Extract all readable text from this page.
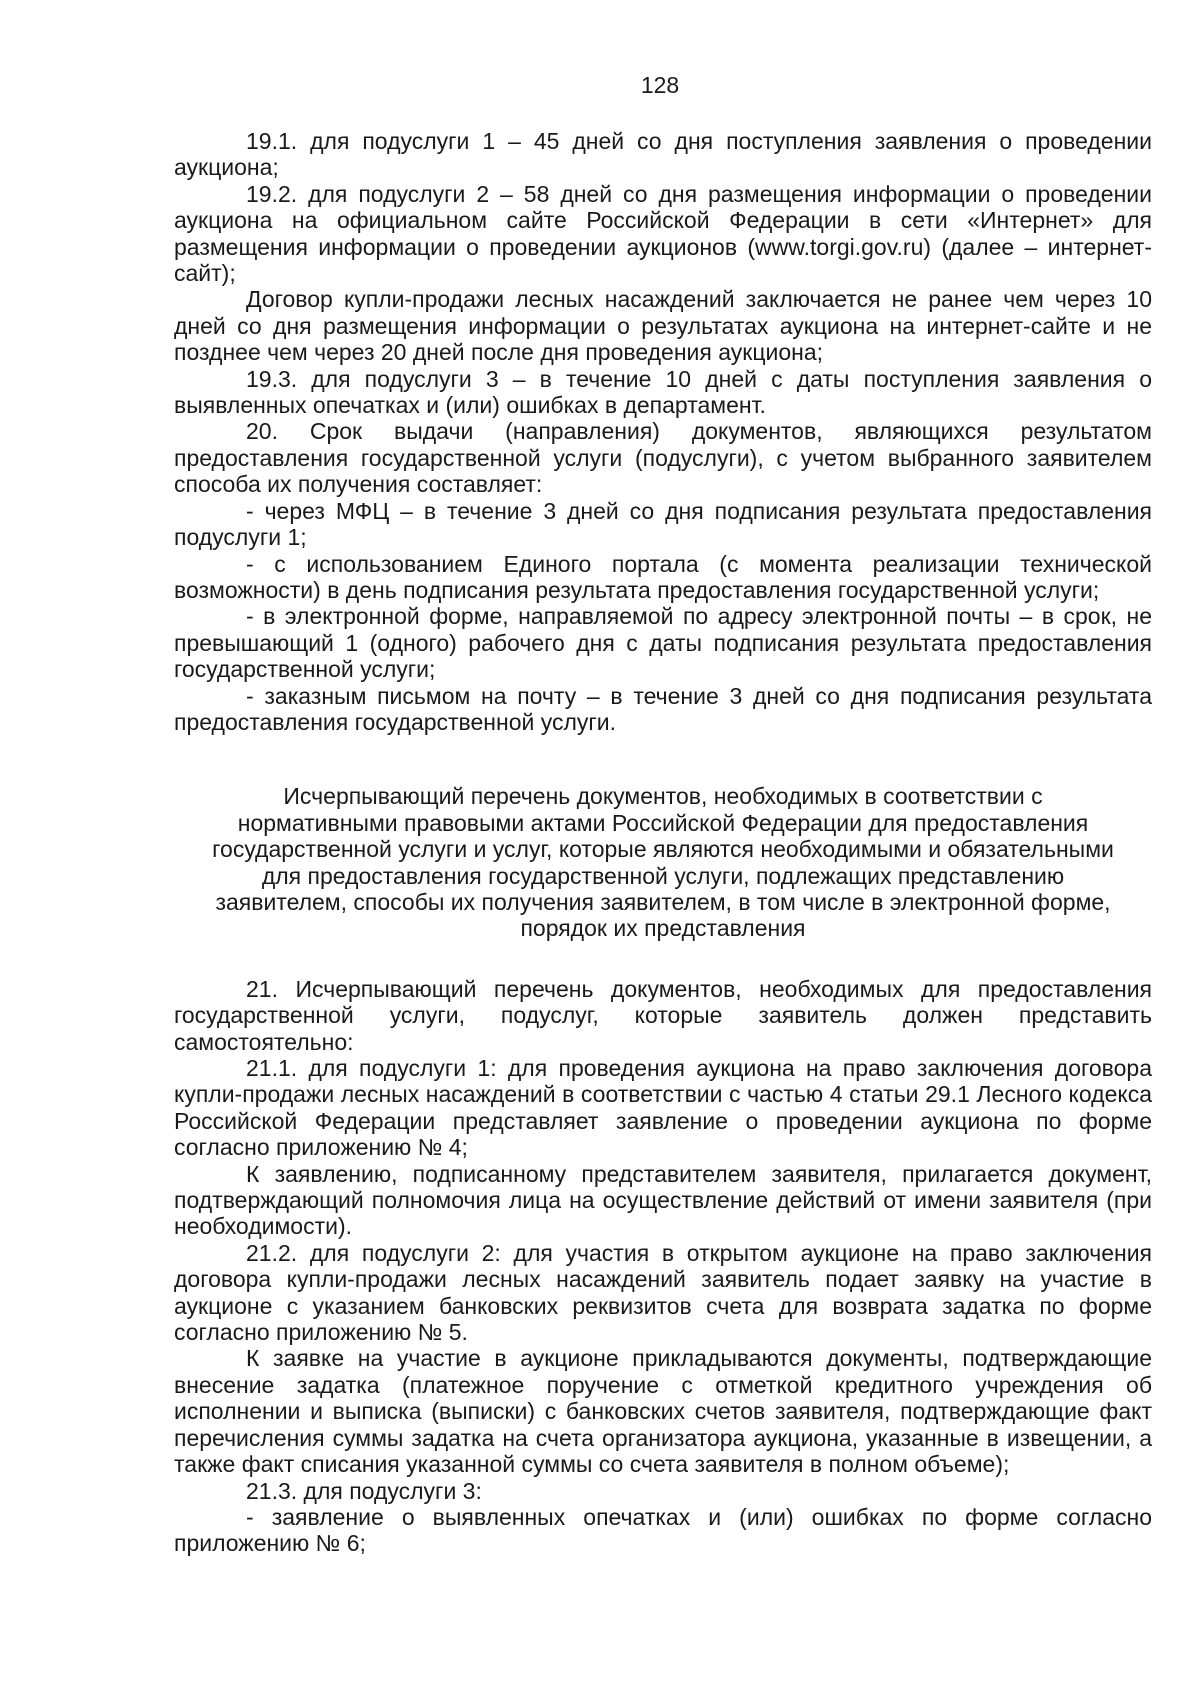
128

19.1. для подуслуги 1 – 45 дней со дня поступления заявления о проведении аукциона;

19.2. для подуслуги 2 – 58 дней со дня размещения информации о проведении аукциона на официальном сайте Российской Федерации в сети «Интернет» для размещения информации о проведении аукционов (www.torgi.gov.ru) (далее – интернет-сайт);

Договор купли-продажи лесных насаждений заключается не ранее чем через 10 дней со дня размещения информации о результатах аукциона на интернет-сайте и не позднее чем через 20 дней после дня проведения аукциона;

19.3. для подуслуги 3 – в течение 10 дней с даты поступления заявления о выявленных опечатках и (или) ошибках в департамент.

20. Срок выдачи (направления) документов, являющихся результатом предоставления государственной услуги (подуслуги), с учетом выбранного заявителем способа их получения составляет:

- через МФЦ – в течение 3 дней со дня подписания результата предоставления подуслуги 1;

- с использованием Единого портала (с момента реализации технической возможности) в день подписания результата предоставления государственной услуги;

- в электронной форме, направляемой по адресу электронной почты – в срок, не превышающий 1 (одного) рабочего дня с даты подписания результата предоставления государственной услуги;

- заказным письмом на почту – в течение 3 дней со дня подписания результата предоставления государственной услуги.

Исчерпывающий перечень документов, необходимых в соответствии с
нормативными правовыми актами Российской Федерации для предоставления
государственной услуги и услуг, которые являются необходимыми и обязательными
для предоставления государственной услуги, подлежащих представлению
заявителем, способы их получения заявителем, в том числе в электронной форме,
порядок их представления

21. Исчерпывающий перечень документов, необходимых для предоставления государственной услуги, подуслуг, которые заявитель должен представить самостоятельно:

21.1. для подуслуги 1: для проведения аукциона на право заключения договора купли-продажи лесных насаждений в соответствии с частью 4 статьи 29.1 Лесного кодекса Российской Федерации представляет заявление о проведении аукциона по форме согласно приложению № 4;

К заявлению, подписанному представителем заявителя, прилагается документ, подтверждающий полномочия лица на осуществление действий от имени заявителя (при необходимости).

21.2. для подуслуги 2: для участия в открытом аукционе на право заключения договора купли-продажи лесных насаждений заявитель подает заявку на участие в аукционе с указанием банковских реквизитов счета для возврата задатка по форме согласно приложению № 5.

К заявке на участие в аукционе прикладываются документы, подтверждающие внесение задатка (платежное поручение с отметкой кредитного учреждения об исполнении и выписка (выписки) с банковских счетов заявителя, подтверждающие факт перечисления суммы задатка на счета организатора аукциона, указанные в извещении, а также факт списания указанной суммы со счета заявителя в полном объеме);

21.3. для подуслуги 3:

- заявление о выявленных опечатках и (или) ошибках по форме согласно приложению № 6;
